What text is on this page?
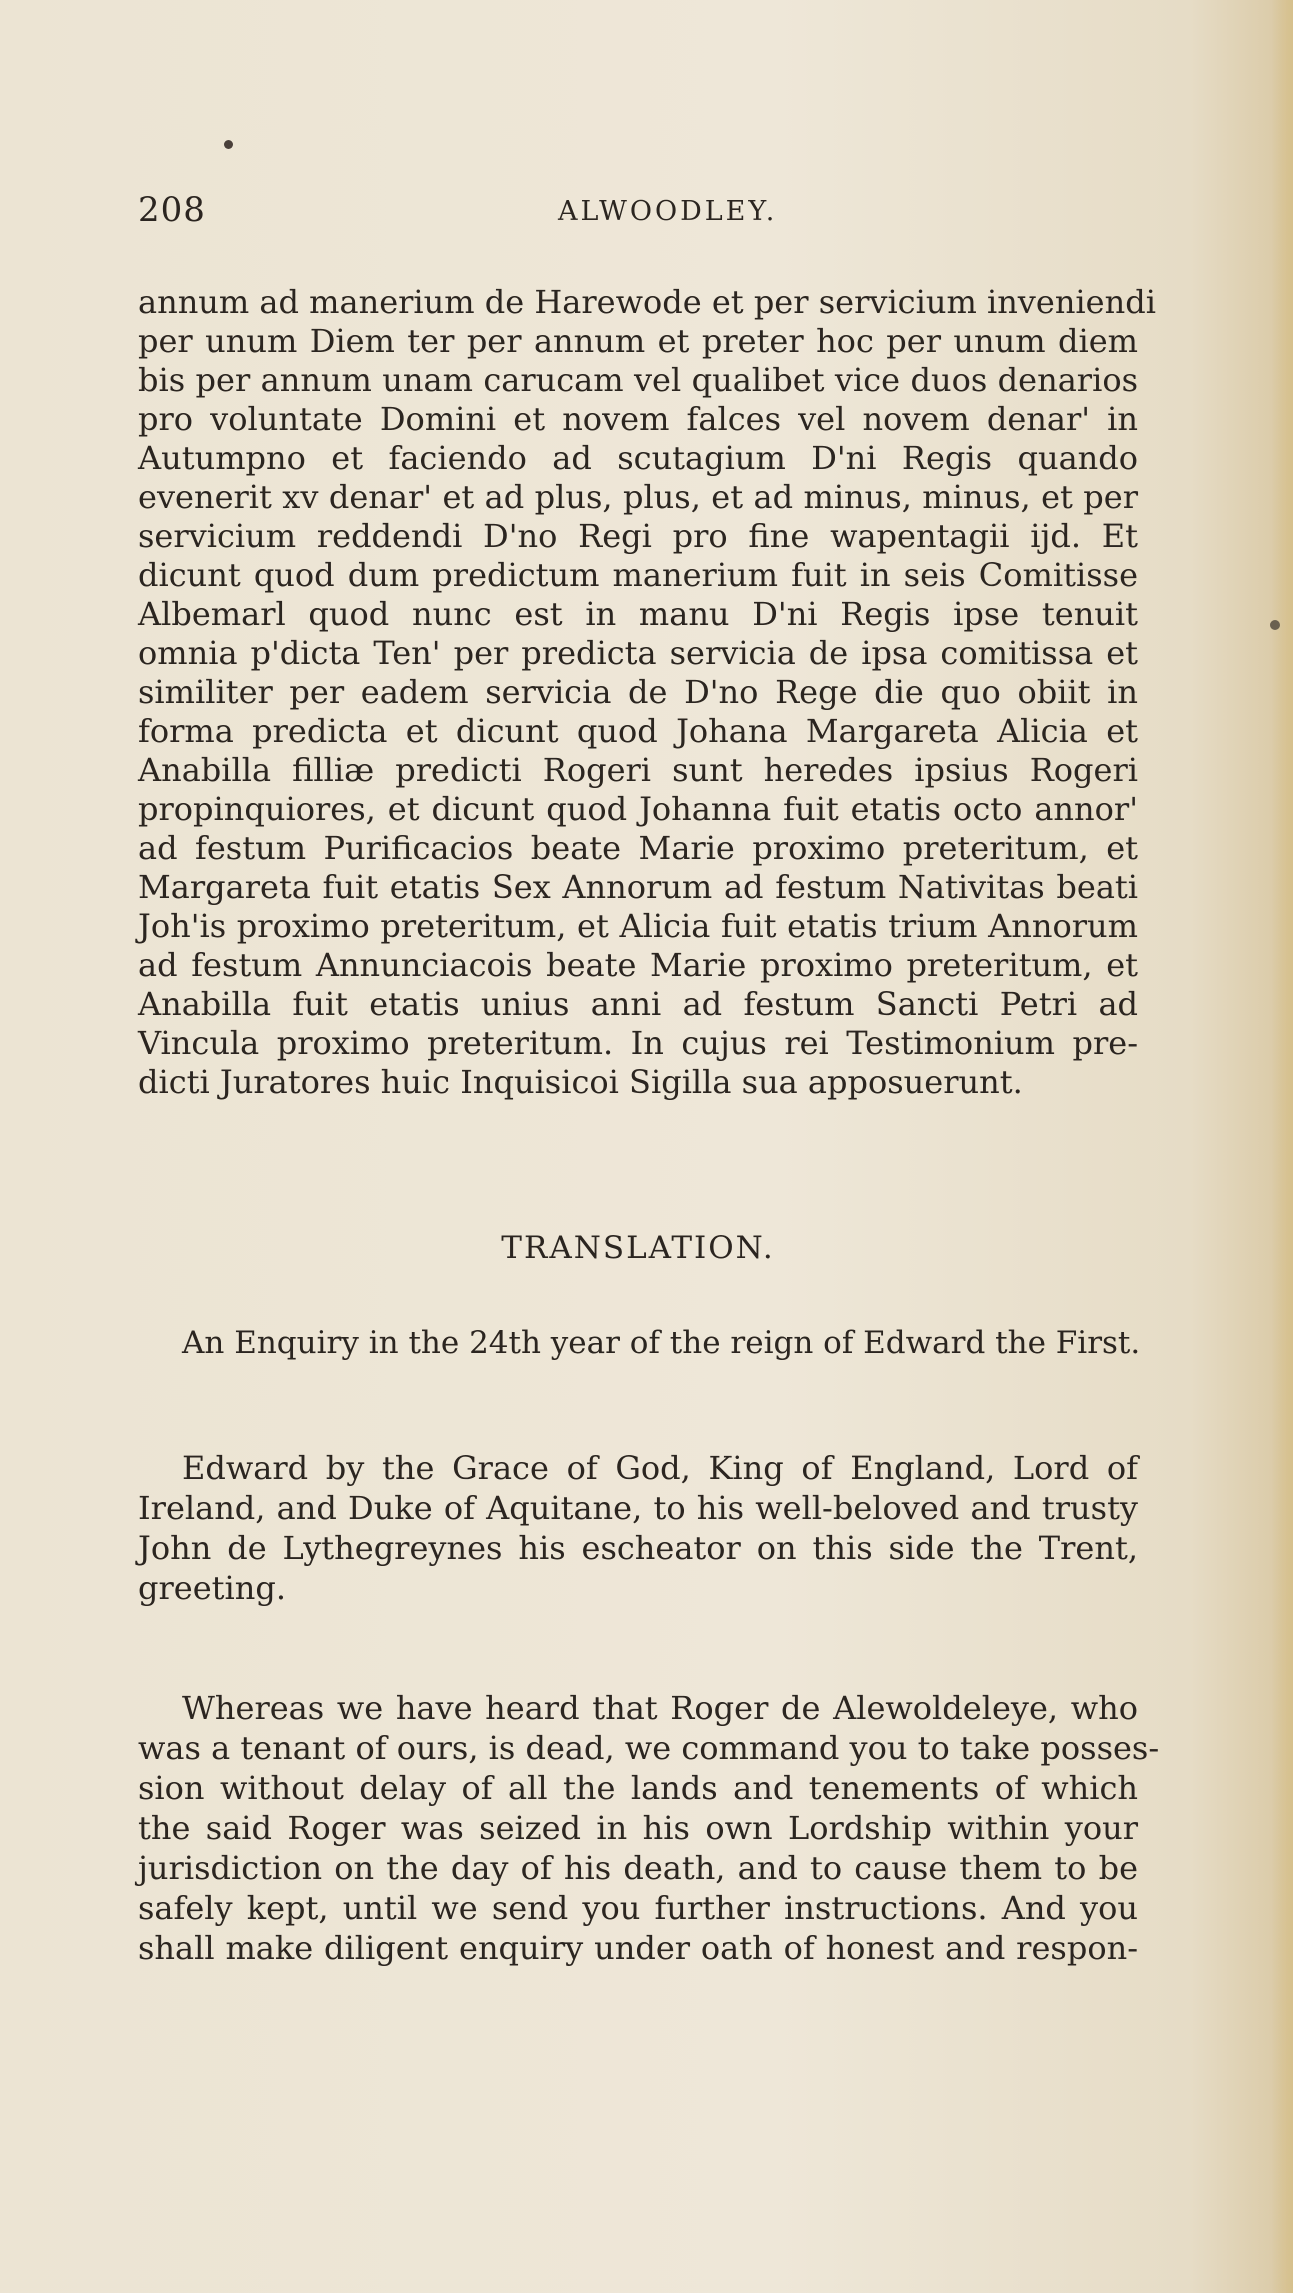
208	ALWOODLEY.
annum ad manerium de Harewode et per servicium inveniendi
per unum Diem ter per annum et preter hoc per unum diem
bis per annum unam carucam vel qualibet vice duos denarios
pro voluntate Domini et novem falces vel novem denar' in
Autumpno et faciendo ad scutagium D'ni Regis quando
evenerit xv denar' et ad plus, plus, et ad minus, minus, et per
servicium reddendi D'no Regi pro fine wapentagii ijd. Et
dicunt quod dum predictum manerium fuit in seis Comitisse
Albemarl quod nunc est in manu D'ni Regis ipse tenuit
omnia p'dicta Ten' per predicta servicia de ipsa comitissa et
similiter per eadem servicia de D'no Rege die quo obiit in
forma predicta et dicunt quod Johana Margareta Alicia et
Anabilla filliæ predicti Rogeri sunt heredes ipsius Rogeri
propinquiores, et dicunt quod Johanna fuit etatis octo annor'
ad festum Purificacios beate Marie proximo preteritum, et
Margareta fuit etatis Sex Annorum ad festum Nativitas beati
Joh'is proximo preteritum, et Alicia fuit etatis trium Annorum
ad festum Annunciacois beate Marie proximo preteritum, et
Anabilla fuit etatis unius anni ad festum Sancti Petri ad
Vincula proximo preteritum. In cujus rei Testimonium pre-
dicti Juratores huic Inquisicoi Sigilla sua apposuerunt.
TRANSLATION.
An Enquiry in the 24th year of the reign of Edward the First.
Edward by the Grace of God, King of England, Lord of
Ireland, and Duke of Aquitane, to his well-beloved and trusty
John de Lythegreynes his escheator on this side the Trent,
greeting.
Whereas we have heard that Roger de Alewoldeleye, who
was a tenant of ours, is dead, we command you to take posses-
sion without delay of all the lands and tenements of which
the said Roger was seized in his own Lordship within your
jurisdiction on the day of his death, and to cause them to be
safely kept, until we send you further instructions. And you
shall make diligent enquiry under oath of honest and respon-
